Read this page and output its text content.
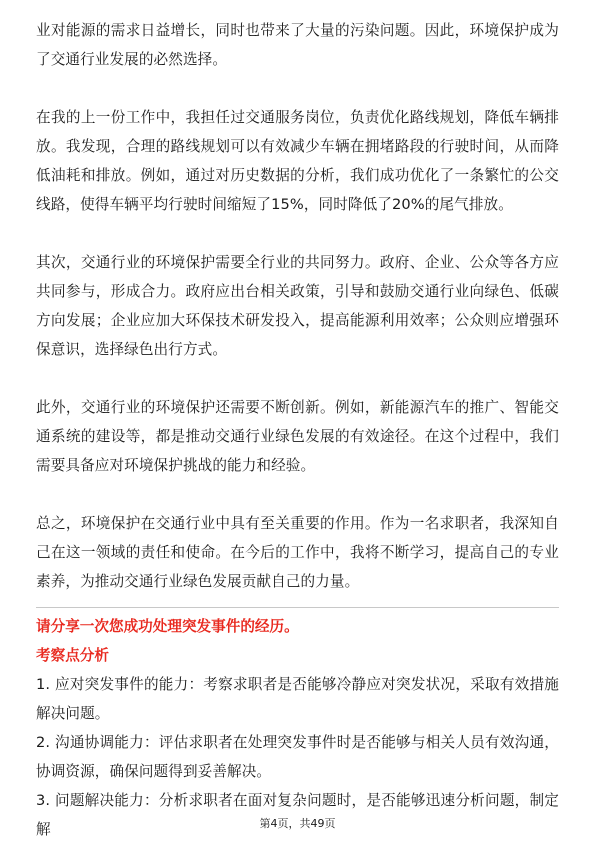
业对能源的需求日益增长，同时也带来了大量的污染问题。因此，环境保护成为了交通行业发展的必然选择。

在我的上一份工作中，我担任过交通服务岗位，负责优化路线规划，降低车辆排放。我发现，合理的路线规划可以有效减少车辆在拥堵路段的行驶时间，从而降低油耗和排放。例如，通过对历史数据的分析，我们成功优化了一条繁忙的公交线路，使得车辆平均行驶时间缩短了15%，同时降低了20%的尾气排放。

其次，交通行业的环境保护需要全行业的共同努力。政府、企业、公众等各方应共同参与，形成合力。政府应出台相关政策，引导和鼓励交通行业向绿色、低碳方向发展；企业应加大环保技术研发投入，提高能源利用效率；公众则应增强环保意识，选择绿色出行方式。

此外，交通行业的环境保护还需要不断创新。例如，新能源汽车的推广、智能交通系统的建设等，都是推动交通行业绿色发展的有效途径。在这个过程中，我们需要具备应对环境保护挑战的能力和经验。

总之，环境保护在交通行业中具有至关重要的作用。作为一名求职者，我深知自己在这一领域的责任和使命。在今后的工作中，我将不断学习，提高自己的专业素养，为推动交通行业绿色发展贡献自己的力量。

请分享一次您成功处理突发事件的经历。

考察点分析

1. 应对突发事件的能力：考察求职者是否能够冷静应对突发状况，采取有效措施解决问题。
2. 沟通协调能力：评估求职者在处理突发事件时是否能够与相关人员有效沟通，协调资源，确保问题得到妥善解决。
3. 问题解决能力：分析求职者在面对复杂问题时，是否能够迅速分析问题，制定解	第4页，共49页
